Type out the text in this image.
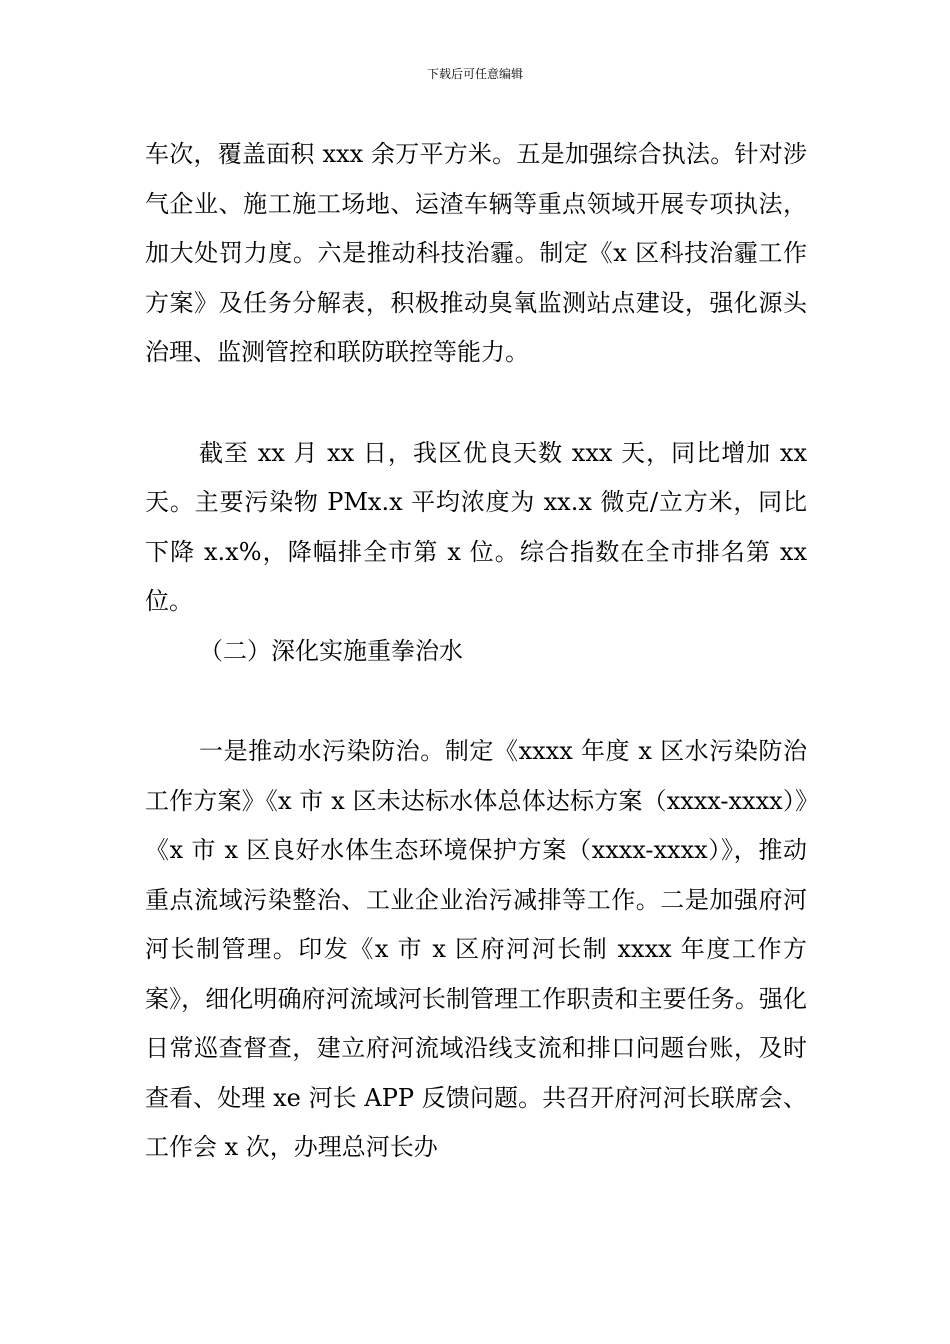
下载后可任意编辑

车次，覆盖面积 xxx 余万平方米。五是加强综合执法。针对涉气企业、施工施工场地、运渣车辆等重点领域开展专项执法，加大处罚力度。六是推动科技治霾。制定《x 区科技治霾工作方案》及任务分解表，积极推动臭氧监测站点建设，强化源头治理、监测管控和联防联控等能力。

截至 xx 月 xx 日，我区优良天数 xxx 天，同比增加 xx 天。主要污染物 PMx.x 平均浓度为 xx.x 微克/立方米，同比下降 x.x%，降幅排全市第 x 位。综合指数在全市排名第 xx 位。

（二）深化实施重拳治水

一是推动水污染防治。制定《xxxx 年度 x 区水污染防治工作方案》《x 市 x 区未达标水体总体达标方案（xxxx-xxxx）》《x 市 x 区良好水体生态环境保护方案（xxxx-xxxx）》，推动重点流域污染整治、工业企业治污减排等工作。二是加强府河河长制管理。印发《x 市 x 区府河河长制 xxxx 年度工作方案》，细化明确府河流域河长制管理工作职责和主要任务。强化日常巡查督查，建立府河流域沿线支流和排口问题台账，及时查看、处理 xe 河长 APP 反馈问题。共召开府河河长联席会、工作会 x 次，办理总河长办
